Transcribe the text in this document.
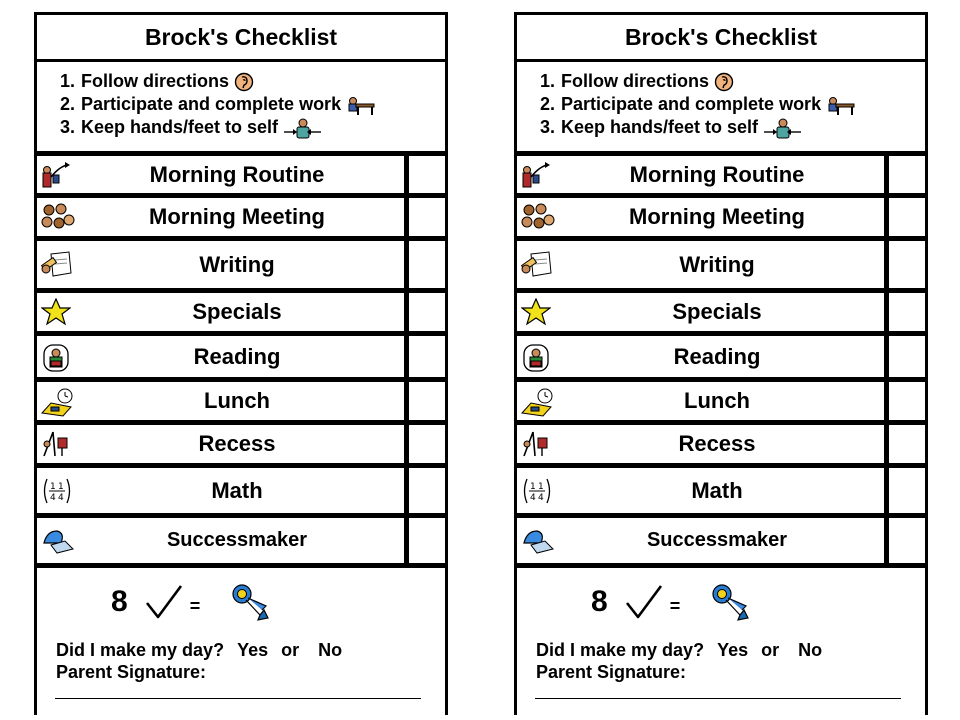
Brock's Checklist
1. Follow directions
2. Participate and complete work
3. Keep hands/feet to self
Morning Routine
Morning Meeting
Writing
Specials
Reading
Lunch
Recess
1 1
4 4	Math
Successmaker
8	=
Did I make my day? Yes or No
Parent Signature:
Brock's Checklist
1. Follow directions
2. Participate and complete work
3. Keep hands/feet to self
Morning Routine
Morning Meeting
Writing
Specials
Reading
Lunch
Recess
1 1
4 4	Math
Successmaker
8	=
Did I make my day? Yes or No
Parent Signature:
